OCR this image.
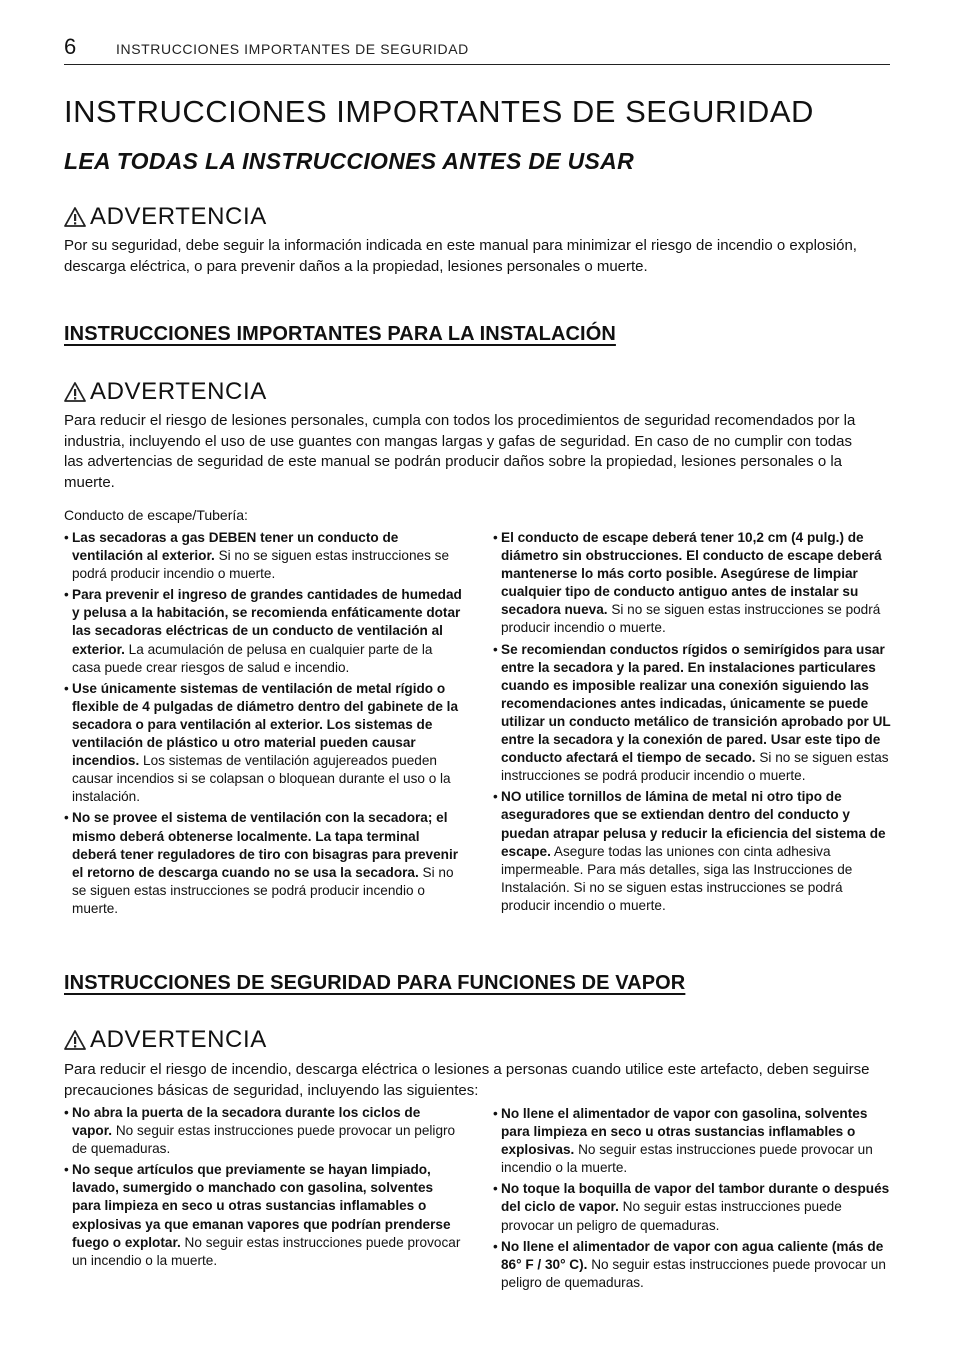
6	INSTRUCCIONES IMPORTANTES DE SEGURIDAD
INSTRUCCIONES IMPORTANTES DE SEGURIDAD
LEA TODAS LA INSTRUCCIONES ANTES DE USAR
ADVERTENCIA
Por su seguridad, debe seguir la información indicada en este manual para minimizar el riesgo de incendio o explosión, descarga eléctrica, o para prevenir daños a la propiedad, lesiones personales o muerte.
INSTRUCCIONES IMPORTANTES PARA LA INSTALACIÓN
ADVERTENCIA
Para reducir el riesgo de lesiones personales, cumpla con todos los procedimientos de seguridad recomendados por la industria, incluyendo el uso de use guantes con mangas largas y gafas de seguridad. En caso de no cumplir con todas las advertencias de seguridad de este manual se podrán producir daños sobre la propiedad, lesiones personales o la muerte.
Conducto de escape/Tubería:
• Las secadoras a gas DEBEN tener un conducto de ventilación al exterior. Si no se siguen estas instrucciones se podrá producir incendio o muerte.
• Para prevenir el ingreso de grandes cantidades de humedad y pelusa a la habitación, se recomienda enfáticamente dotar las secadoras eléctricas de un conducto de ventilación al exterior. La acumulación de pelusa en cualquier parte de la casa puede crear riesgos de salud e incendio.
• Use únicamente sistemas de ventilación de metal rígido o flexible de 4 pulgadas de diámetro dentro del gabinete de la secadora o para ventilación al exterior. Los sistemas de ventilación de plástico u otro material pueden causar incendios. Los sistemas de ventilación agujereados pueden causar incendios si se colapsan o bloquean durante el uso o la instalación.
• No se provee el sistema de ventilación con la secadora; el mismo deberá obtenerse localmente. La tapa terminal deberá tener reguladores de tiro con bisagras para prevenir el retorno de descarga cuando no se usa la secadora. Si no se siguen estas instrucciones se podrá producir incendio o muerte.
• El conducto de escape deberá tener 10,2 cm (4 pulg.) de diámetro sin obstrucciones. El conducto de escape deberá mantenerse lo más corto posible. Asegúrese de limpiar cualquier tipo de conducto antiguo antes de instalar su secadora nueva. Si no se siguen estas instrucciones se podrá producir incendio o muerte.
• Se recomiendan conductos rígidos o semirígidos para usar entre la secadora y la pared. En instalaciones particulares cuando es imposible realizar una conexión siguiendo las recomendaciones antes indicadas, únicamente se puede utilizar un conducto metálico de transición aprobado por UL entre la secadora y la conexión de pared. Usar este tipo de conducto afectará el tiempo de secado. Si no se siguen estas instrucciones se podrá producir incendio o muerte.
• NO utilice tornillos de lámina de metal ni otro tipo de aseguradores que se extiendan dentro del conducto y puedan atrapar pelusa y reducir la eficiencia del sistema de escape. Asegure todas las uniones con cinta adhesiva impermeable. Para más detalles, siga las Instrucciones de Instalación. Si no se siguen estas instrucciones se podrá producir incendio o muerte.
INSTRUCCIONES DE SEGURIDAD PARA FUNCIONES DE VAPOR
ADVERTENCIA
Para reducir el riesgo de incendio, descarga eléctrica o lesiones a personas cuando utilice este artefacto, deben seguirse precauciones básicas de seguridad, incluyendo las siguientes:
• No abra la puerta de la secadora durante los ciclos de vapor. No seguir estas instrucciones puede provocar un peligro de quemaduras.
• No seque artículos que previamente se hayan limpiado, lavado, sumergido o manchado con gasolina, solventes para limpieza en seco u otras sustancias inflamables o explosivas ya que emanan vapores que podrían prenderse fuego o explotar. No seguir estas instrucciones puede provocar un incendio o la muerte.
• No llene el alimentador de vapor con gasolina, solventes para limpieza en seco u otras sustancias inflamables o explosivas. No seguir estas instrucciones puede provocar un incendio o la muerte.
• No toque la boquilla de vapor del tambor durante o después del ciclo de vapor. No seguir estas instrucciones puede provocar un peligro de quemaduras.
• No llene el alimentador de vapor con agua caliente (más de 86° F / 30° C). No seguir estas instrucciones puede provocar un peligro de quemaduras.
